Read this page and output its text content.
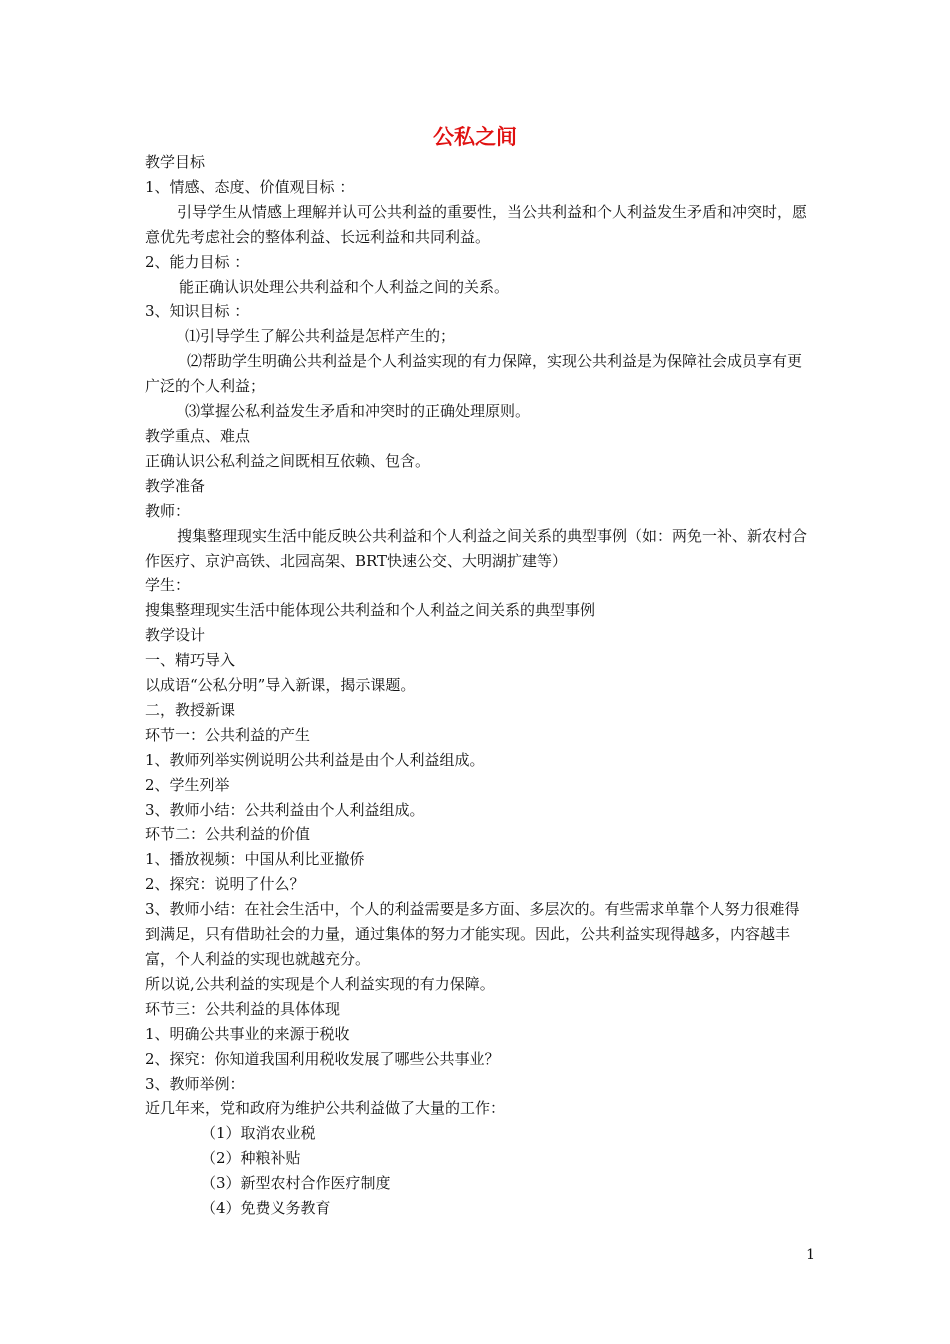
公私之间

教学目标

1、情感、态度、价值观目标 ：

引导学生从情感上理解并认可公共利益的重要性，当公共利益和个人利益发生矛盾和冲突时，愿意优先考虑社会的整体利益、长远利益和共同利益。

2、能力目标 ：

能正确认识处理公共利益和个人利益之间的关系。

3、知识目标 ：

⑴引导学生了解公共利益是怎样产生的；

⑵帮助学生明确公共利益是个人利益实现的有力保障，实现公共利益是为保障社会成员享有更广泛的个人利益；

⑶掌握公私利益发生矛盾和冲突时的正确处理原则。

教学重点、难点

正确认识公私利益之间既相互依赖、包含。

教学准备

教师：

搜集整理现实生活中能反映公共利益和个人利益之间关系的典型事例（如：两免一补、新农村合作医疗、京沪高铁、北园高架、BRT快速公交、大明湖扩建等）

学生：

搜集整理现实生活中能体现公共利益和个人利益之间关系的典型事例

教学设计

一、精巧导入

以成语“公私分明”导入新课，揭示课题。

二，教授新课

环节一：公共利益的产生

1、教师列举实例说明公共利益是由个人利益组成。

2、学生列举

3、教师小结：公共利益由个人利益组成。

环节二：公共利益的价值

1、播放视频：中国从利比亚撤侨

2、探究：说明了什么？

3、教师小结：在社会生活中，个人的利益需要是多方面、多层次的。有些需求单靠个人努力很难得到满足，只有借助社会的力量，通过集体的努力才能实现。因此，公共利益实现得越多，内容越丰富，个人利益的实现也就越充分。

所以说,公共利益的实现是个人利益实现的有力保障。

环节三：公共利益的具体体现

1、明确公共事业的来源于税收

2、探究：你知道我国利用税收发展了哪些公共事业？

3、教师举例：

近几年来，党和政府为维护公共利益做了大量的工作：

（1）取消农业税

（2）种粮补贴

（3）新型农村合作医疗制度

（4）免费义务教育

1
